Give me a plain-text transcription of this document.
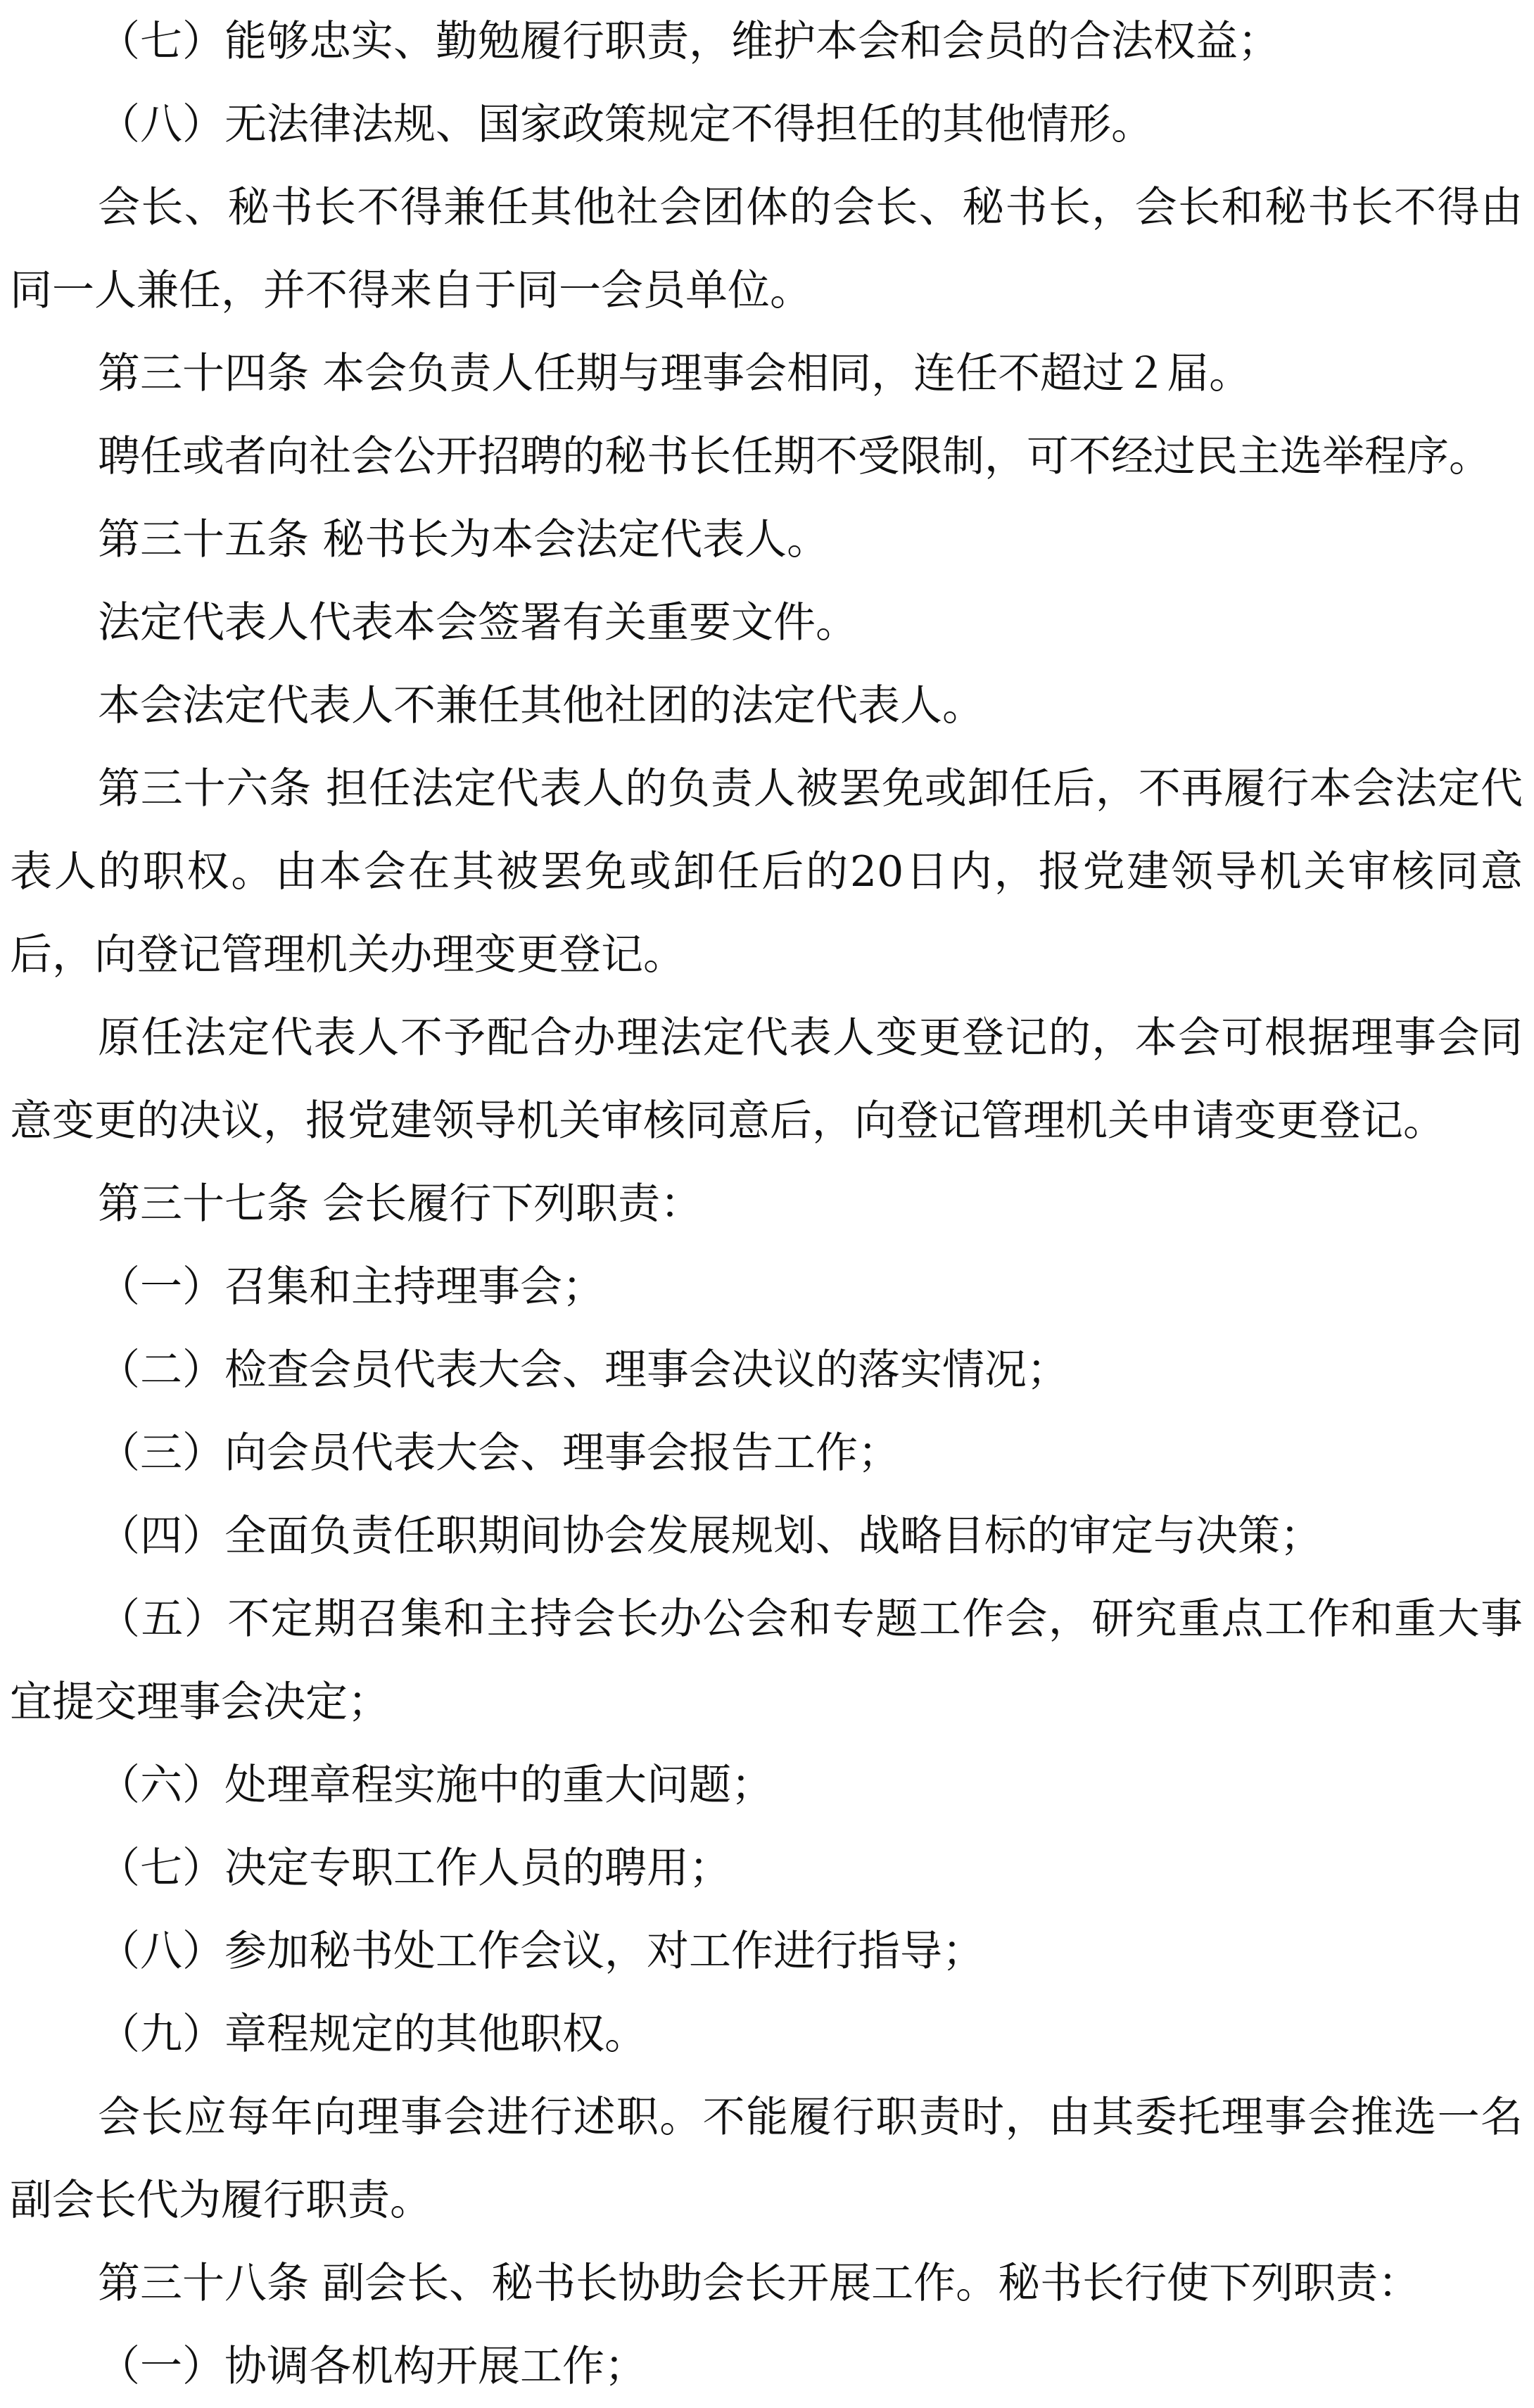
（七）能够忠实、勤勉履行职责，维护本会和会员的合法权益；

（八）无法律法规、国家政策规定不得担任的其他情形。

会长、秘书长不得兼任其他社会团体的会长、秘书长，会长和秘书长不得由同一人兼任，并不得来自于同一会员单位。

第三十四条 本会负责人任期与理事会相同，连任不超过２届。

聘任或者向社会公开招聘的秘书长任期不受限制，可不经过民主选举程序。

第三十五条 秘书长为本会法定代表人。

法定代表人代表本会签署有关重要文件。

本会法定代表人不兼任其他社团的法定代表人。

第三十六条 担任法定代表人的负责人被罢免或卸任后，不再履行本会法定代表人的职权。由本会在其被罢免或卸任后的20日内，报党建领导机关审核同意后，向登记管理机关办理变更登记。

原任法定代表人不予配合办理法定代表人变更登记的，本会可根据理事会同意变更的决议，报党建领导机关审核同意后，向登记管理机关申请变更登记。

第三十七条 会长履行下列职责：

（一）召集和主持理事会；

（二）检查会员代表大会、理事会决议的落实情况；

（三）向会员代表大会、理事会报告工作；

（四）全面负责任职期间协会发展规划、战略目标的审定与决策；

（五）不定期召集和主持会长办公会和专题工作会，研究重点工作和重大事宜提交理事会决定；

（六）处理章程实施中的重大问题；

（七）决定专职工作人员的聘用；

（八）参加秘书处工作会议，对工作进行指导；

（九）章程规定的其他职权。

会长应每年向理事会进行述职。不能履行职责时，由其委托理事会推选一名副会长代为履行职责。

第三十八条 副会长、秘书长协助会长开展工作。秘书长行使下列职责：

（一）协调各机构开展工作；
